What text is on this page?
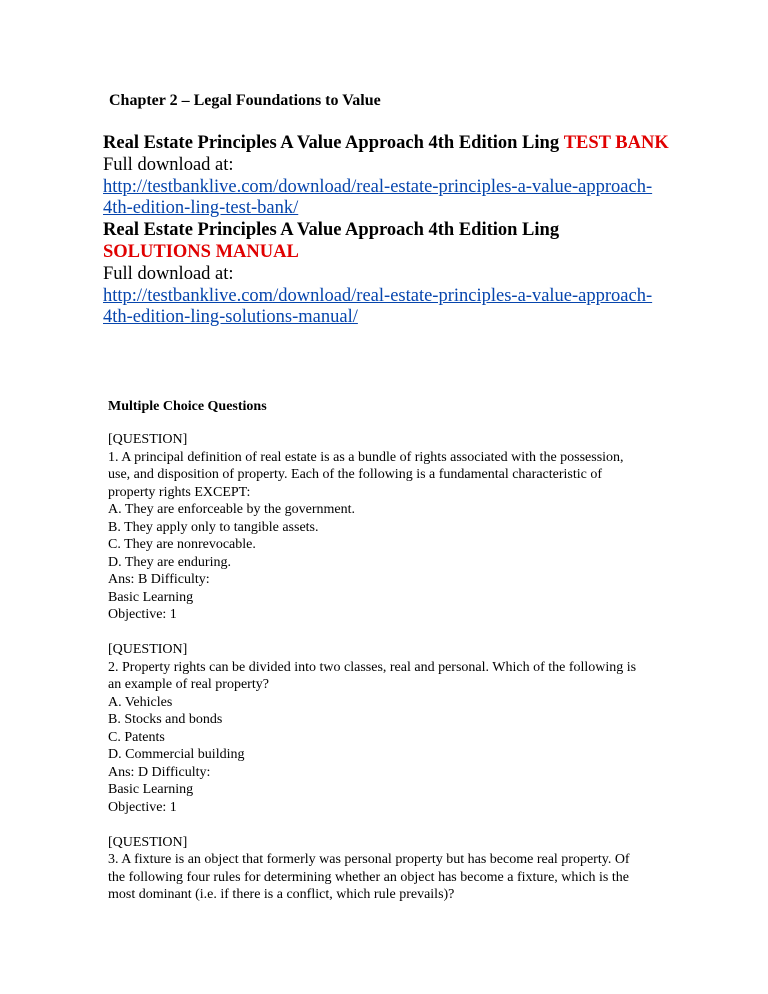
Chapter 2 – Legal Foundations to Value
Real Estate Principles A Value Approach 4th Edition Ling TEST BANK
Full download at:
http://testbanklive.com/download/real-estate-principles-a-value-approach-
4th-edition-ling-test-bank/
Real Estate Principles A Value Approach 4th Edition Ling
SOLUTIONS MANUAL
Full download at:
http://testbanklive.com/download/real-estate-principles-a-value-approach-
4th-edition-ling-solutions-manual/
Multiple Choice Questions
[QUESTION]
1. A principal definition of real estate is as a bundle of rights associated with the possession,
use, and disposition of property. Each of the following is a fundamental characteristic of
property rights EXCEPT:
A. They are enforceable by the government.
B. They apply only to tangible assets.
C. They are nonrevocable.
D. They are enduring.
Ans: B Difficulty:
Basic Learning
Objective: 1
[QUESTION]
2. Property rights can be divided into two classes, real and personal. Which of the following is
an example of real property?
A. Vehicles
B. Stocks and bonds
C. Patents
D. Commercial building
Ans: D Difficulty:
Basic Learning
Objective: 1
[QUESTION]
3. A fixture is an object that formerly was personal property but has become real property. Of
the following four rules for determining whether an object has become a fixture, which is the
most dominant (i.e. if there is a conflict, which rule prevails)?
